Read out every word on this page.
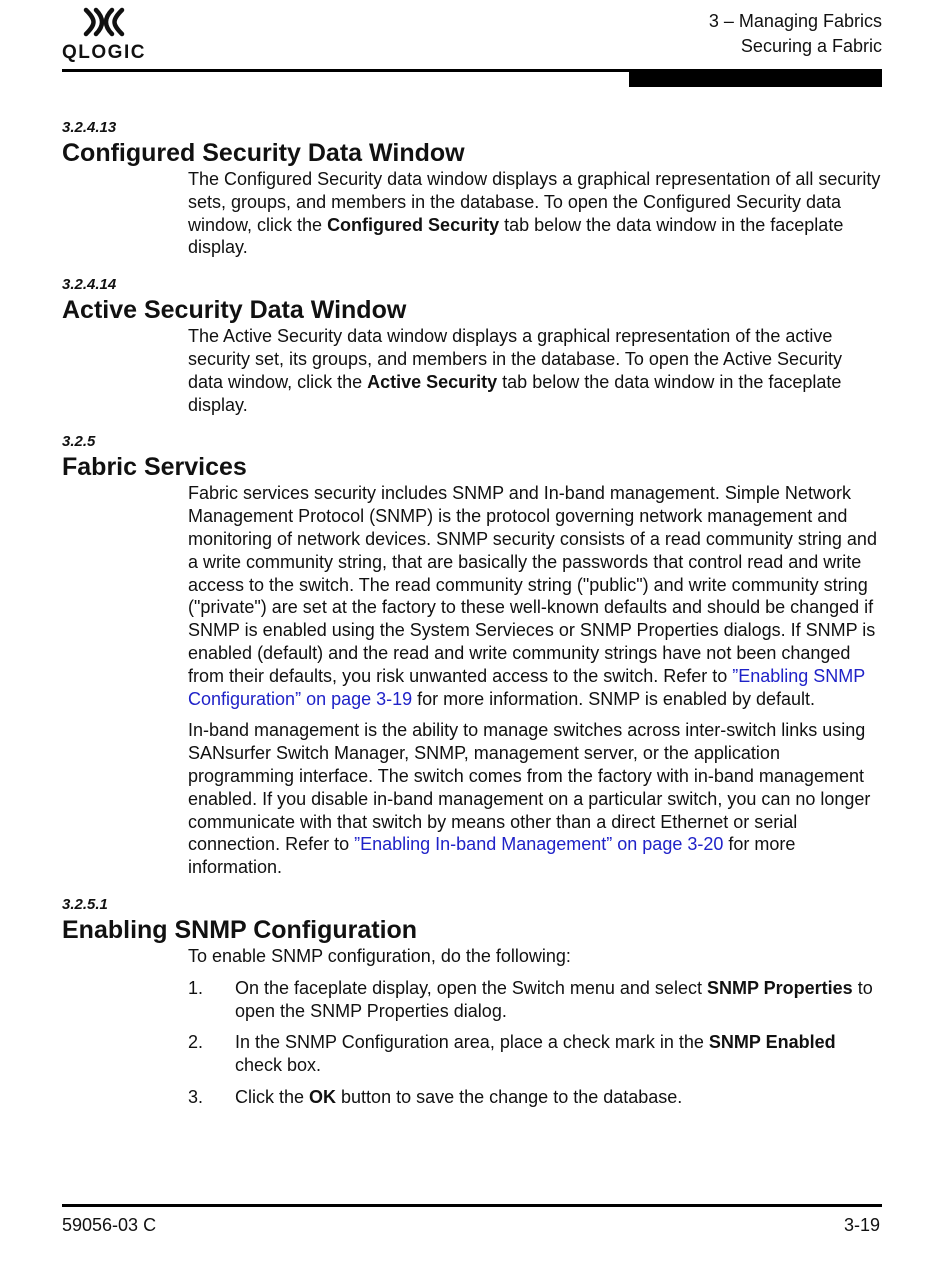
QLOGIC
3 – Managing Fabrics
Securing a Fabric
3.2.4.13
Configured Security Data Window

The Configured Security data window displays a graphical representation of all security sets, groups, and members in the database. To open the Configured Security data window, click the Configured Security tab below the data window in the faceplate display.

3.2.4.14
Active Security Data Window

The Active Security data window displays a graphical representation of the active security set, its groups, and members in the database. To open the Active Security data window, click the Active Security tab below the data window in the faceplate display.

3.2.5
Fabric Services

Fabric services security includes SNMP and In-band management. Simple Network Management Protocol (SNMP) is the protocol governing network management and monitoring of network devices. SNMP security consists of a read community string and a write community string, that are basically the passwords that control read and write access to the switch. The read community string ("public") and write community string ("private") are set at the factory to these well-known defaults and should be changed if SNMP is enabled using the System Servieces or SNMP Properties dialogs. If SNMP is enabled (default) and the read and write community strings have not been changed from their defaults, you risk unwanted access to the switch. Refer to ”Enabling SNMP Configuration” on page 3-19 for more information. SNMP is enabled by default.

In-band management is the ability to manage switches across inter-switch links using SANsurfer Switch Manager, SNMP, management server, or the application programming interface. The switch comes from the factory with in-band management enabled. If you disable in-band management on a particular switch, you can no longer communicate with that switch by means other than a direct Ethernet or serial connection. Refer to ”Enabling In-band Management” on page 3-20 for more information.

3.2.5.1
Enabling SNMP Configuration

To enable SNMP configuration, do the following:

1. On the faceplate display, open the Switch menu and select SNMP Properties to open the SNMP Properties dialog.
2. In the SNMP Configuration area, place a check mark in the SNMP Enabled check box.
3. Click the OK button to save the change to the database.
59056-03 C	3-19
